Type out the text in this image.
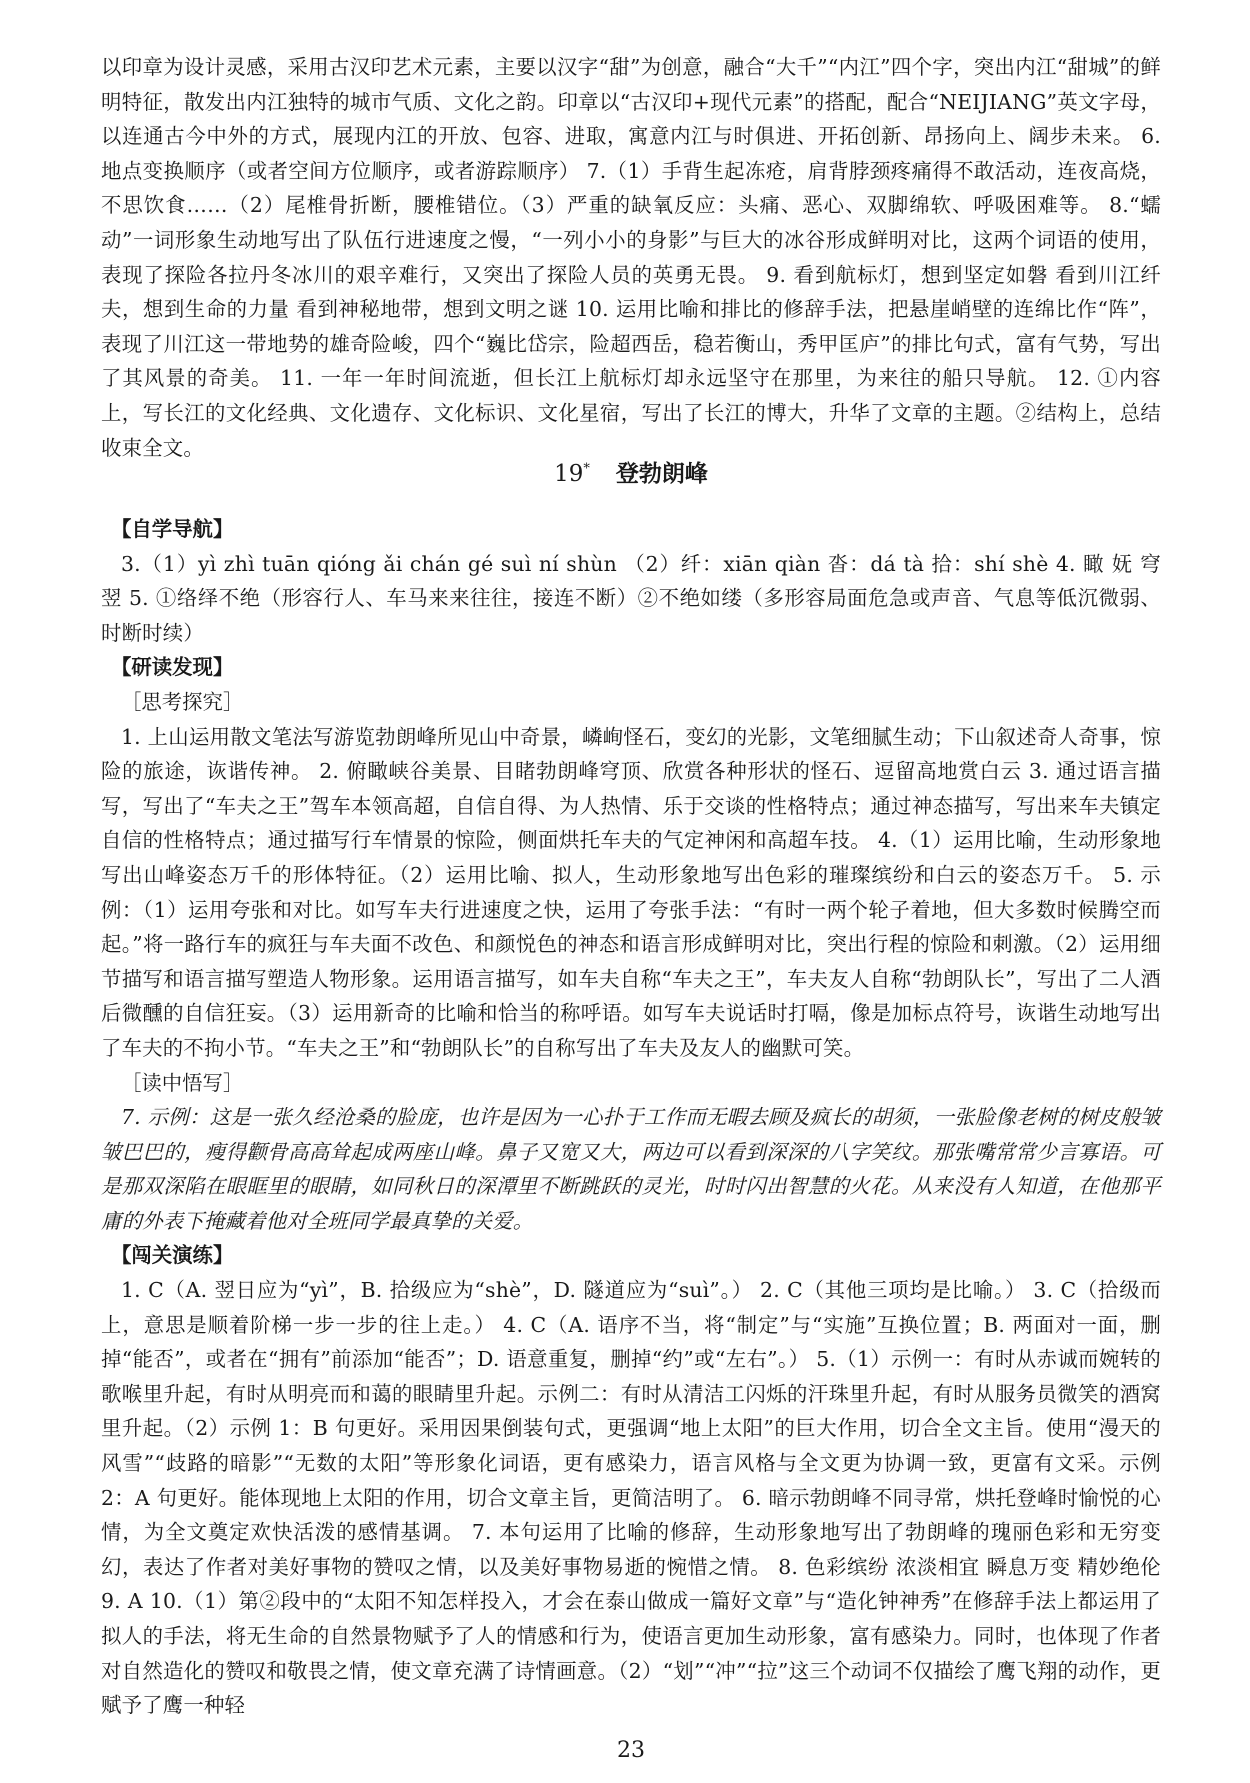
以印章为设计灵感，采用古汉印艺术元素，主要以汉字“甜”为创意，融合“大千”“内江”四个字，突出内江“甜城”的鲜明特征，散发出内江独特的城市气质、文化之韵。印章以“古汉印+现代元素”的搭配，配合“NEIJIANG”英文字母，以连通古今中外的方式，展现内江的开放、包容、进取，寓意内江与时俱进、开拓创新、昂扬向上、阔步未来。 6. 地点变换顺序（或者空间方位顺序，或者游踪顺序） 7.（1）手背生起冻疮，肩背脖颈疼痛得不敢活动，连夜高烧，不思饮食……（2）尾椎骨折断，腰椎错位。（3）严重的缺氧反应：头痛、恶心、双脚绵软、呼吸困难等。 8.“蠕动”一词形象生动地写出了队伍行进速度之慢，“一列小小的身影”与巨大的冰谷形成鲜明对比，这两个词语的使用，表现了探险各拉丹冬冰川的艰辛难行，又突出了探险人员的英勇无畏。 9. 看到航标灯，想到坚定如磐 看到川江纤夫，想到生命的力量 看到神秘地带，想到文明之谜 10. 运用比喻和排比的修辞手法，把悬崖峭壁的连绵比作“阵”，表现了川江这一带地势的雄奇险峻，四个“巍比岱宗，险超西岳，稳若衡山，秀甲匡庐”的排比句式，富有气势，写出了其风景的奇美。 11. 一年一年时间流逝，但长江上航标灯却永远坚守在那里，为来往的船只导航。 12. ①内容上，写长江的文化经典、文化遗存、文化标识、文化星宿，写出了长江的博大，升华了文章的主题。②结构上，总结收束全文。

19* 登勃朗峰
【自学导航】

3.（1）yì zhì tuān qióng ǎi chán gé suì ní shùn （2）纤：xiān qiàn 沓：dá tà 拾：shí shè 4. 瞰 妩 穹 翌 5. ①络绎不绝（形容行人、车马来来往往，接连不断）②不绝如缕（多形容局面危急或声音、气息等低沉微弱、时断时续）

【研读发现】
［思考探究］

1. 上山运用散文笔法写游览勃朗峰所见山中奇景，嶙峋怪石，变幻的光影，文笔细腻生动；下山叙述奇人奇事，惊险的旅途，诙谐传神。 2. 俯瞰峡谷美景、目睹勃朗峰穹顶、欣赏各种形状的怪石、逗留高地赏白云 3. 通过语言描写，写出了“车夫之王”驾车本领高超，自信自得、为人热情、乐于交谈的性格特点；通过神态描写，写出来车夫镇定自信的性格特点；通过描写行车情景的惊险，侧面烘托车夫的气定神闲和高超车技。 4.（1）运用比喻，生动形象地写出山峰姿态万千的形体特征。（2）运用比喻、拟人，生动形象地写出色彩的璀璨缤纷和白云的姿态万千。 5. 示例：（1）运用夸张和对比。如写车夫行进速度之快，运用了夸张手法：“有时一两个轮子着地，但大多数时候腾空而起。”将一路行车的疯狂与车夫面不改色、和颜悦色的神态和语言形成鲜明对比，突出行程的惊险和刺激。（2）运用细节描写和语言描写塑造人物形象。运用语言描写，如车夫自称“车夫之王”，车夫友人自称“勃朗队长”，写出了二人酒后微醺的自信狂妄。（3）运用新奇的比喻和恰当的称呼语。如写车夫说话时打嗝，像是加标点符号，诙谐生动地写出了车夫的不拘小节。“车夫之王”和“勃朗队长”的自称写出了车夫及友人的幽默可笑。

［读中悟写］

7. 示例：这是一张久经沧桑的脸庞，也许是因为一心扑于工作而无暇去顾及疯长的胡须，一张脸像老树的树皮般皱皱巴巴的，瘦得颧骨高高耸起成两座山峰。鼻子又宽又大，两边可以看到深深的八字笑纹。那张嘴常常少言寡语。可是那双深陷在眼眶里的眼睛，如同秋日的深潭里不断跳跃的灵光，时时闪出智慧的火花。从来没有人知道，在他那平庸的外表下掩藏着他对全班同学最真挚的关爱。

【闯关演练】

1. C（A. 翌日应为“yì”，B. 拾级应为“shè”，D. 隧道应为“suì”。） 2. C（其他三项均是比喻。） 3. C（拾级而上，意思是顺着阶梯一步一步的往上走。） 4. C（A. 语序不当，将“制定”与“实施”互换位置；B. 两面对一面，删掉“能否”，或者在“拥有”前添加“能否”；D. 语意重复，删掉“约”或“左右”。） 5.（1）示例一：有时从赤诚而婉转的歌喉里升起，有时从明亮而和蔼的眼睛里升起。示例二：有时从清洁工闪烁的汗珠里升起，有时从服务员微笑的酒窝里升起。（2）示例 1：B 句更好。采用因果倒装句式，更强调“地上太阳”的巨大作用，切合全文主旨。使用“漫天的风雪”“歧路的暗影”“无数的太阳”等形象化词语，更有感染力，语言风格与全文更为协调一致，更富有文采。示例 2：A 句更好。能体现地上太阳的作用，切合文章主旨，更简洁明了。 6. 暗示勃朗峰不同寻常，烘托登峰时愉悦的心情，为全文奠定欢快活泼的感情基调。 7. 本句运用了比喻的修辞，生动形象地写出了勃朗峰的瑰丽色彩和无穷变幻，表达了作者对美好事物的赞叹之情，以及美好事物易逝的惋惜之情。 8. 色彩缤纷 浓淡相宜 瞬息万变 精妙绝伦 9. A 10.（1）第②段中的“太阳不知怎样投入，才会在泰山做成一篇好文章”与“造化钟神秀”在修辞手法上都运用了拟人的手法，将无生命的自然景物赋予了人的情感和行为，使语言更加生动形象，富有感染力。同时，也体现了作者对自然造化的赞叹和敬畏之情，使文章充满了诗情画意。（2）“划”“冲”“拉”这三个动词不仅描绘了鹰飞翔的动作，更赋予了鹰一种轻

23
​
